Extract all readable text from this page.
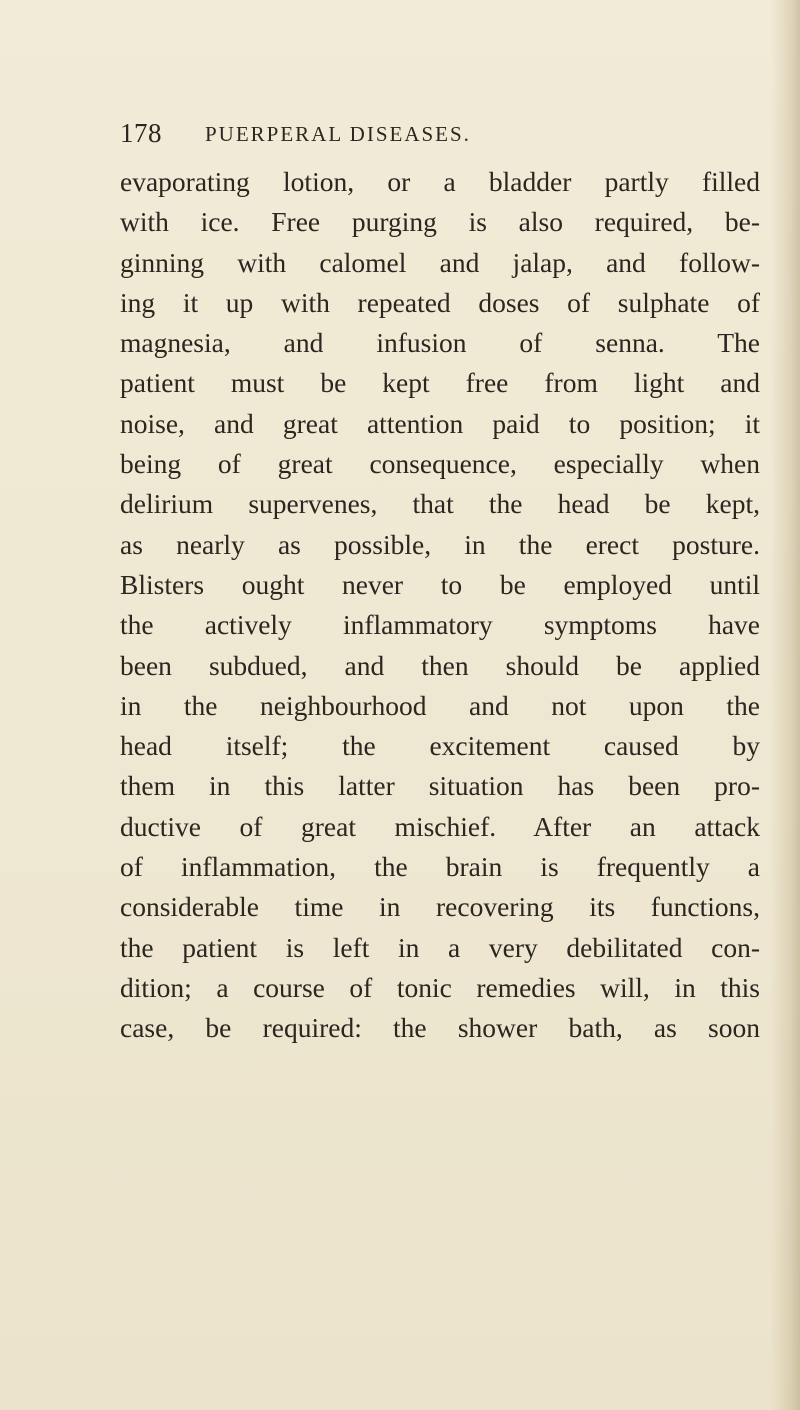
178 PUERPERAL DISEASES.
evaporating lotion, or a bladder partly filled
with ice. Free purging is also required, be-
ginning with calomel and jalap, and follow-
ing it up with repeated doses of sulphate of
magnesia, and infusion of senna. The
patient must be kept free from light and
noise, and great attention paid to position; it
being of great consequence, especially when
delirium supervenes, that the head be kept,
as nearly as possible, in the erect posture.
Blisters ought never to be employed until
the actively inflammatory symptoms have
been subdued, and then should be applied
in the neighbourhood and not upon the
head itself; the excitement caused by
them in this latter situation has been pro-
ductive of great mischief. After an attack
of inflammation, the brain is frequently a
considerable time in recovering its functions,
the patient is left in a very debilitated con-
dition; a course of tonic remedies will, in this
case, be required: the shower bath, as soon
